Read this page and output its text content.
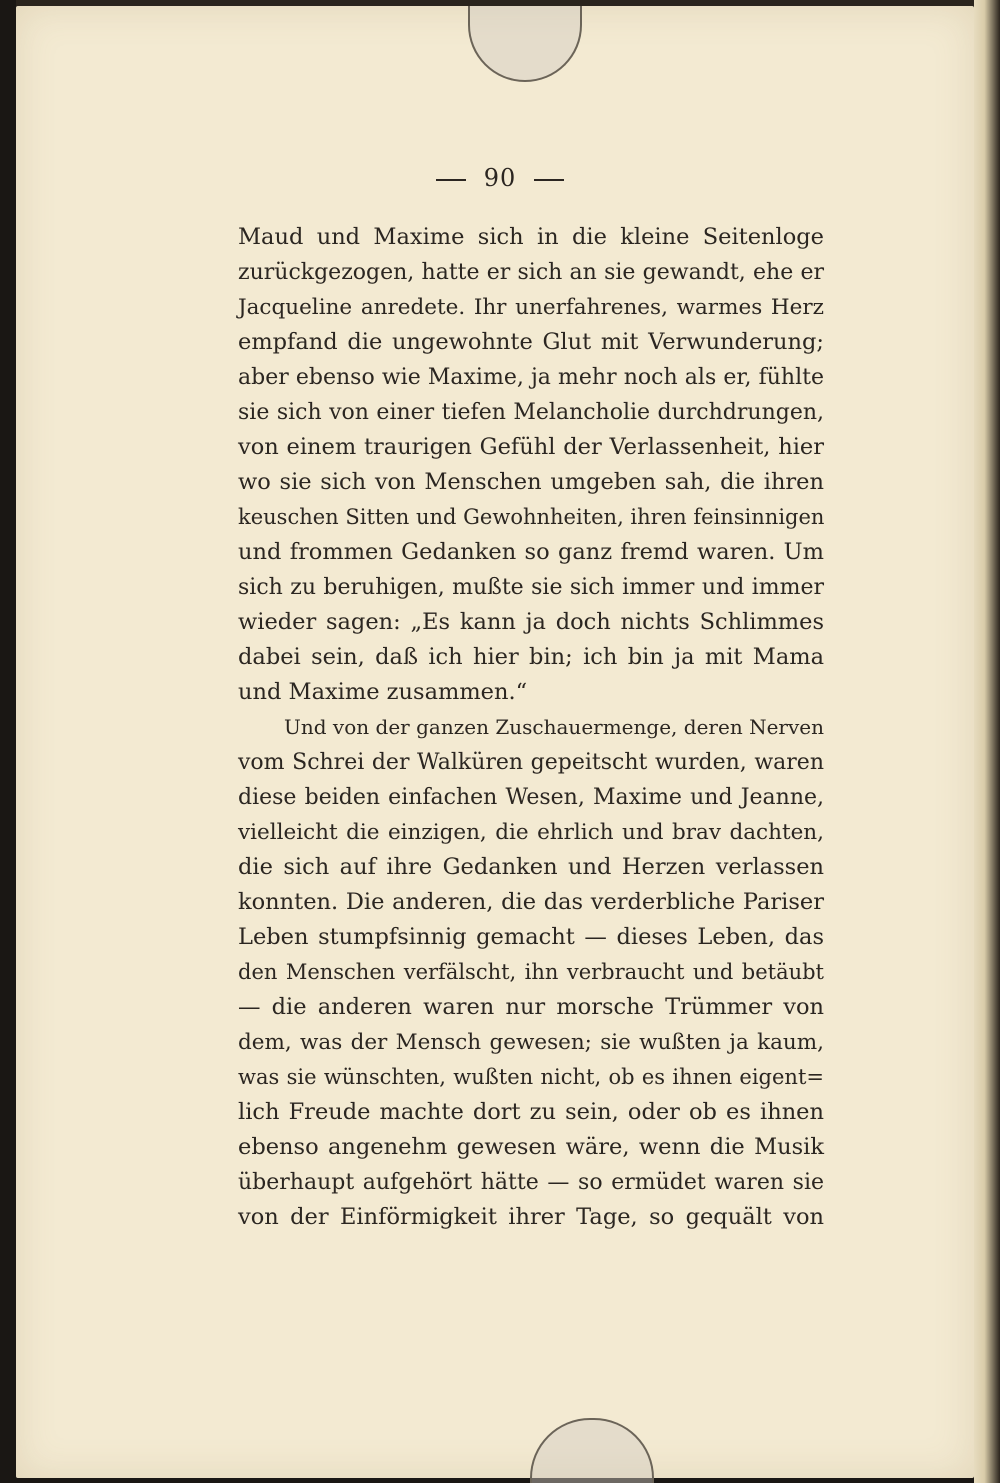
90
Maud und Maxime sich in die kleine Seitenloge
zurückgezogen, hatte er sich an sie gewandt, ehe er
Jacqueline anredete. Ihr unerfahrenes, warmes Herz
empfand die ungewohnte Glut mit Verwunderung;
aber ebenso wie Maxime, ja mehr noch als er, fühlte
sie sich von einer tiefen Melancholie durchdrungen,
von einem traurigen Gefühl der Verlassenheit, hier
wo sie sich von Menschen umgeben sah, die ihren
keuschen Sitten und Gewohnheiten, ihren feinsinnigen
und frommen Gedanken so ganz fremd waren. Um
sich zu beruhigen, mußte sie sich immer und immer
wieder sagen: „Es kann ja doch nichts Schlimmes
dabei sein, daß ich hier bin; ich bin ja mit Mama
und Maxime zusammen.“
Und von der ganzen Zuschauermenge, deren Nerven
vom Schrei der Walküren gepeitscht wurden, waren
diese beiden einfachen Wesen, Maxime und Jeanne,
vielleicht die einzigen, die ehrlich und brav dachten,
die sich auf ihre Gedanken und Herzen verlassen
konnten. Die anderen, die das verderbliche Pariser
Leben stumpfsinnig gemacht — dieses Leben, das
den Menschen verfälscht, ihn verbraucht und betäubt
— die anderen waren nur morsche Trümmer von
dem, was der Mensch gewesen; sie wußten ja kaum,
was sie wünschten, wußten nicht, ob es ihnen eigent=
lich Freude machte dort zu sein, oder ob es ihnen
ebenso angenehm gewesen wäre, wenn die Musik
überhaupt aufgehört hätte — so ermüdet waren sie
von der Einförmigkeit ihrer Tage, so gequält von
